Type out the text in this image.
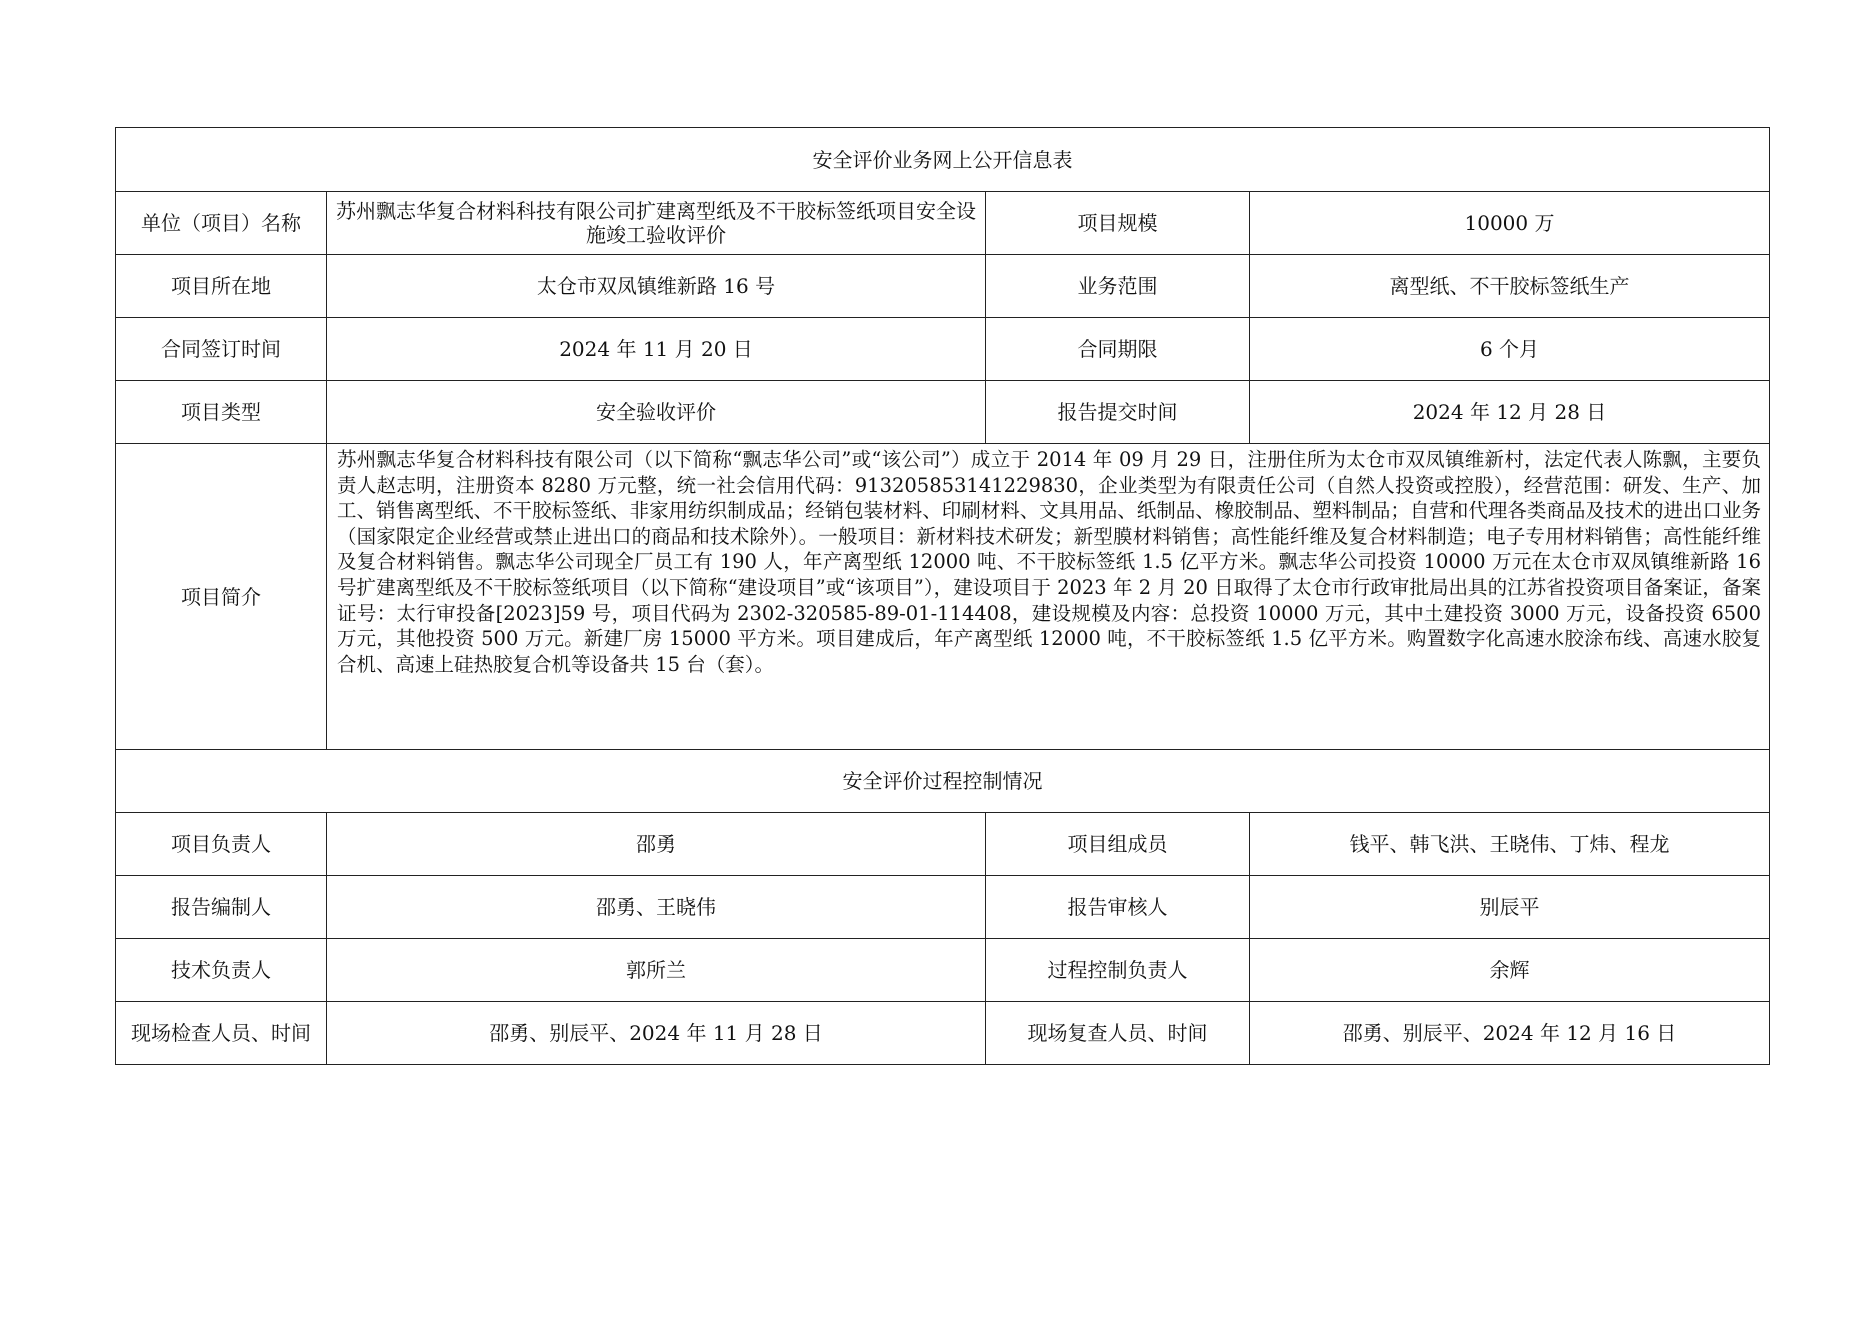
安全评价业务网上公开信息表			
单位（项目）名称	苏州飘志华复合材料科技有限公司扩建离型纸及不干胶标签纸项目安全设施竣工验收评价	项目规模	10000 万
项目所在地	太仓市双凤镇维新路 16 号	业务范围	离型纸、不干胶标签纸生产
合同签订时间	2024 年 11 月 20 日	合同期限	6 个月
项目类型	安全验收评价	报告提交时间	2024 年 12 月 28 日
项目简介	苏州飘志华复合材料科技有限公司（以下简称“飘志华公司”或“该公司”）成立于 2014 年 09 月 29 日，注册住所为太仓市双凤镇维新村，法定代表人陈飘，主要负责人赵志明，注册资本 8280 万元整，统一社会信用代码：913205853141229830，企业类型为有限责任公司（自然人投资或控股），经营范围：研发、生产、加工、销售离型纸、不干胶标签纸、非家用纺织制成品；经销包装材料、印刷材料、文具用品、纸制品、橡胶制品、塑料制品；自营和代理各类商品及技术的进出口业务（国家限定企业经营或禁止进出口的商品和技术除外）。一般项目：新材料技术研发；新型膜材料销售；高性能纤维及复合材料制造；电子专用材料销售；高性能纤维及复合材料销售。飘志华公司现全厂员工有 190 人，年产离型纸 12000 吨、不干胶标签纸 1.5 亿平方米。飘志华公司投资 10000 万元在太仓市双凤镇维新路 16 号扩建离型纸及不干胶标签纸项目（以下简称“建设项目”或“该项目”），建设项目于 2023 年 2 月 20 日取得了太仓市行政审批局出具的江苏省投资项目备案证，备案证号：太行审投备[2023]59 号，项目代码为 2302-320585-89-01-114408，建设规模及内容：总投资 10000 万元，其中土建投资 3000 万元，设备投资 6500 万元，其他投资 500 万元。新建厂房 15000 平方米。项目建成后，年产离型纸 12000 吨，不干胶标签纸 1.5 亿平方米。购置数字化高速水胶涂布线、高速水胶复合机、高速上硅热胶复合机等设备共 15 台（套）。		
安全评价过程控制情况			
项目负责人	邵勇	项目组成员	钱平、韩飞洪、王晓伟、丁炜、程龙
报告编制人	邵勇、王晓伟	报告审核人	别辰平
技术负责人	郭所兰	过程控制负责人	余辉
现场检查人员、时间	邵勇、别辰平、2024 年 11 月 28 日	现场复查人员、时间	邵勇、别辰平、2024 年 12 月 16 日
